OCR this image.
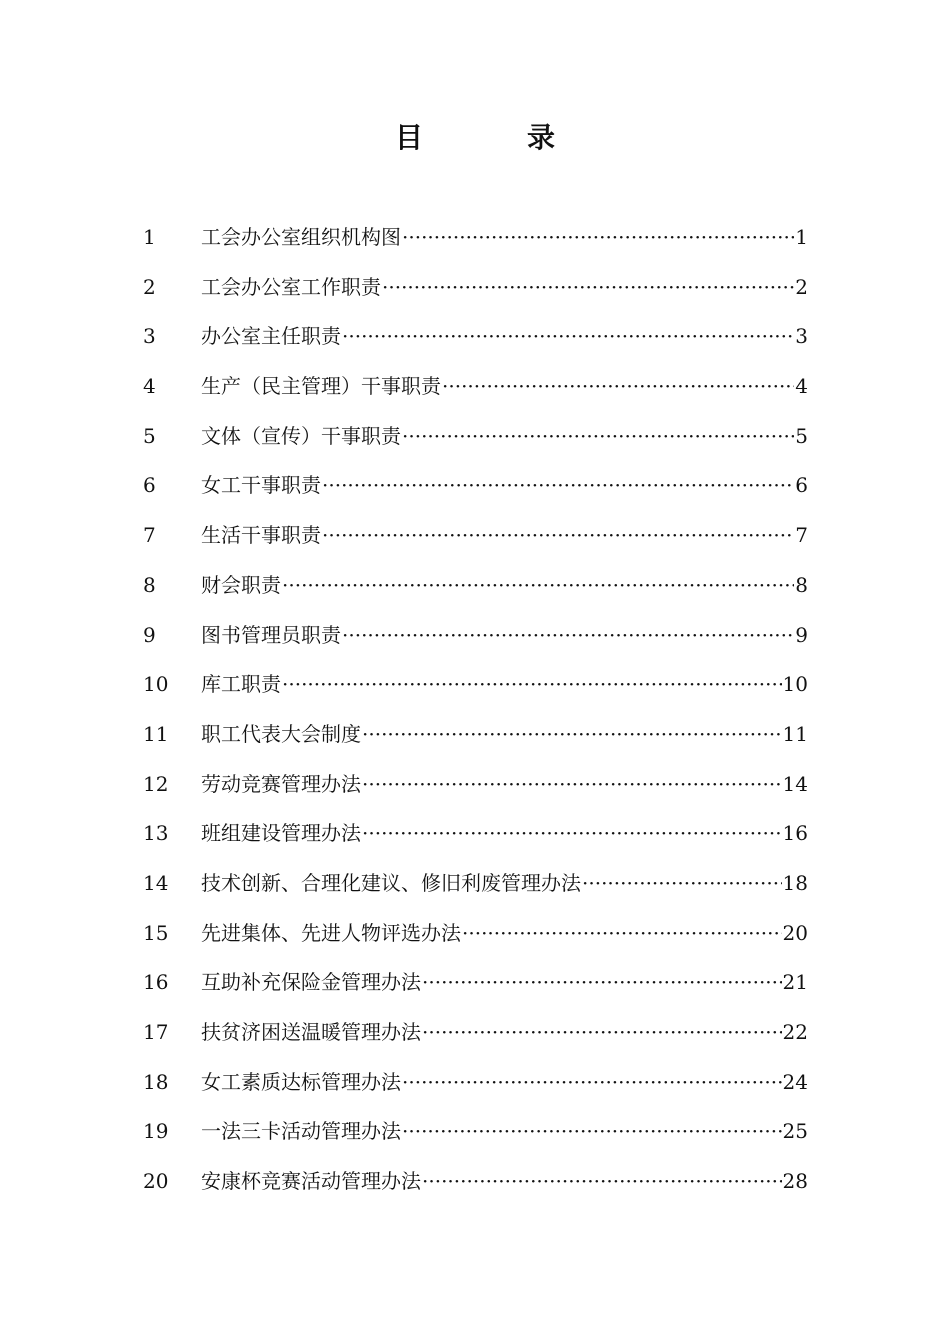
目　录
1	工会办公室组织机构图 ·····	1
2	工会办公室工作职责 ·····	2
3	办公室主任职责 ·····	3
4	生产（民主管理）干事职责 ·····	4
5	文体（宣传）干事职责 ·····	5
6	女工干事职责 ·····	6
7	生活干事职责 ·····	7
8	财会职责 ·····	8
9	图书管理员职责 ·····	9
10	库工职责 ·····	10
11	职工代表大会制度 ·····	11
12	劳动竞赛管理办法 ·····	14
13	班组建设管理办法 ·····	16
14	技术创新、合理化建议、修旧利废管理办法 ·····	18
15	先进集体、先进人物评选办法 ·····	20
16	互助补充保险金管理办法 ·····	21
17	扶贫济困送温暖管理办法 ·····	22
18	女工素质达标管理办法 ·····	24
19	一法三卡活动管理办法 ·····	25
20	安康杯竞赛活动管理办法 ·····	28
